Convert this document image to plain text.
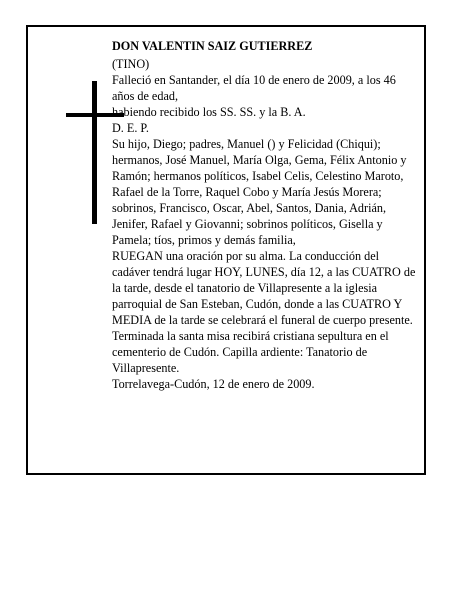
DON VALENTIN SAIZ GUTIERREZ

(TINO)

Falleció en Santander, el día 10 de enero de 2009, a los 46 años de edad,

habiendo recibido los SS. SS. y la B. A.

D. E. P.

Su hijo, Diego; padres, Manuel () y Felicidad (Chiqui); hermanos, José Manuel, María Olga, Gema, Félix Antonio y Ramón; hermanos políticos, Isabel Celis, Celestino Maroto, Rafael de la Torre, Raquel Cobo y María Jesús Morera; sobrinos, Francisco, Oscar, Abel, Santos, Dania, Adrián, Jenifer, Rafael y Giovanni; sobrinos políticos, Gisella y Pamela; tíos, primos y demás familia,

RUEGAN una oración por su alma. La conducción del cadáver tendrá lugar HOY, LUNES, día 12, a las CUATRO de la tarde, desde el tanatorio de Villapresente a la iglesia parroquial de San Esteban, Cudón, donde a las CUATRO Y MEDIA de la tarde se celebrará el funeral de cuerpo presente. Terminada la santa misa recibirá cristiana sepultura en el cementerio de Cudón. Capilla ardiente: Tanatorio de Villapresente.

Torrelavega-Cudón, 12 de enero de 2009.
